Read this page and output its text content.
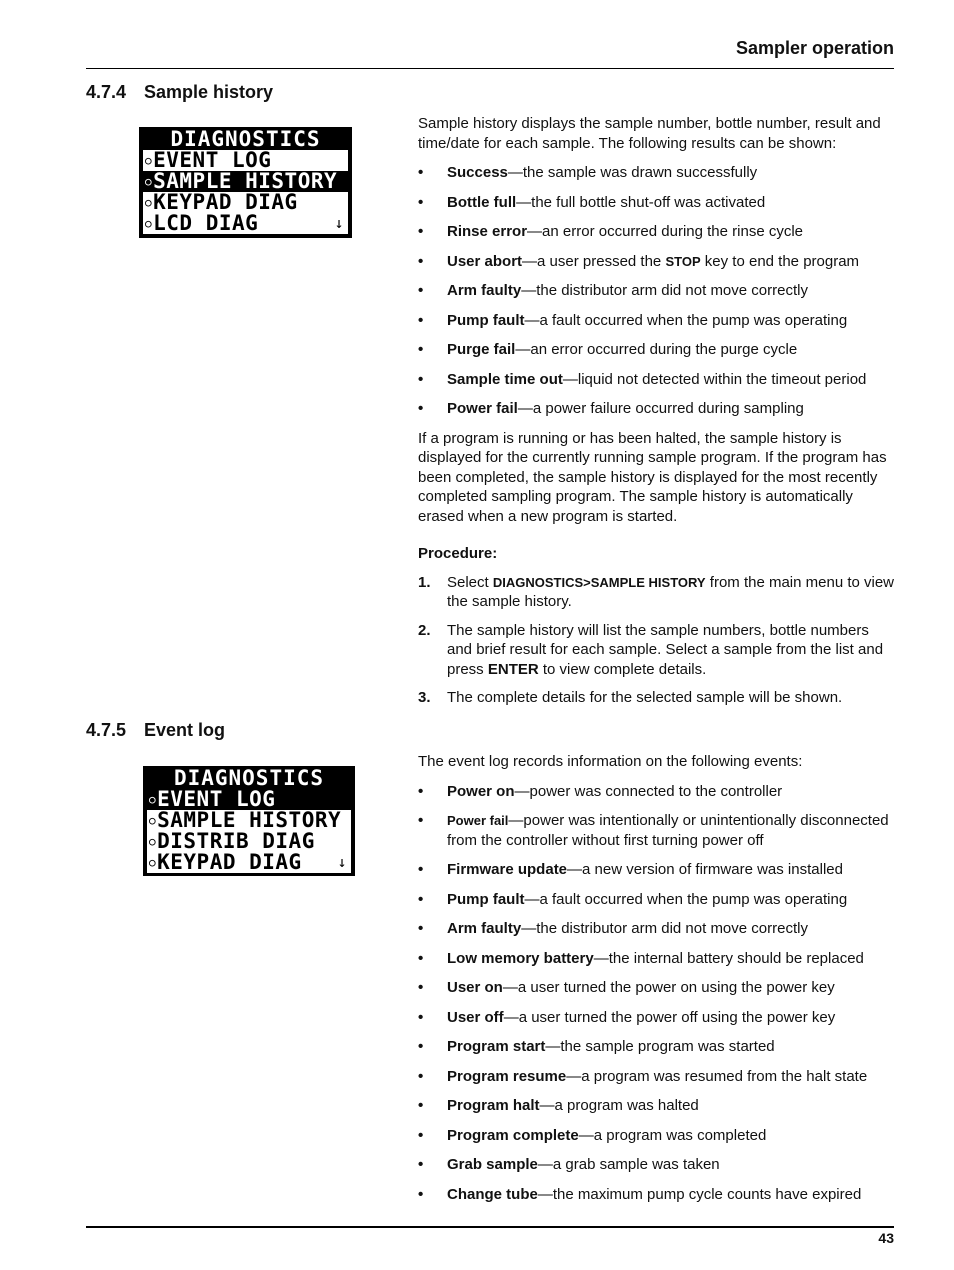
Sampler operation
4.7.4 Sample history
DIAGNOSTICS
○ EVENT LOG
○ SAMPLE HISTORY
○ KEYPAD DIAG
○ LCD DIAG	↓

Sample history displays the sample number, bottle number, result and time/date for each sample. The following results can be shown:

•	Success—the sample was drawn successfully
•	Bottle full—the full bottle shut-off was activated
•	Rinse error—an error occurred during the rinse cycle
•	User abort—a user pressed the STOP key to end the program
•	Arm faulty—the distributor arm did not move correctly
•	Pump fault—a fault occurred when the pump was operating
•	Purge fail—an error occurred during the purge cycle
•	Sample time out—liquid not detected within the timeout period
•	Power fail—a power failure occurred during sampling

If a program is running or has been halted, the sample history is displayed for the currently running sample program. If the program has been completed, the sample history is displayed for the most recently completed sampling program. The sample history is automatically erased when a new program is started.

Procedure:
1.	Select DIAGNOSTICS>SAMPLE HISTORY from the main menu to view the sample history.
2.	The sample history will list the sample numbers, bottle numbers and brief result for each sample. Select a sample from the list and press ENTER to view complete details.
3.	The complete details for the selected sample will be shown.
4.7.5 Event log
DIAGNOSTICS
○ EVENT LOG
○ SAMPLE HISTORY
○ DISTRIB DIAG
○ KEYPAD DIAG	↓

The event log records information on the following events:

•	Power on—power was connected to the controller
•	Power fail—power was intentionally or unintentionally disconnected from the controller without first turning power off
•	Firmware update—a new version of firmware was installed
•	Pump fault—a fault occurred when the pump was operating
•	Arm faulty—the distributor arm did not move correctly
•	Low memory battery—the internal battery should be replaced
•	User on—a user turned the power on using the power key
•	User off—a user turned the power off using the power key
•	Program start—the sample program was started
•	Program resume—a program was resumed from the halt state
•	Program halt—a program was halted
•	Program complete—a program was completed
•	Grab sample—a grab sample was taken
•	Change tube—the maximum pump cycle counts have expired
43
